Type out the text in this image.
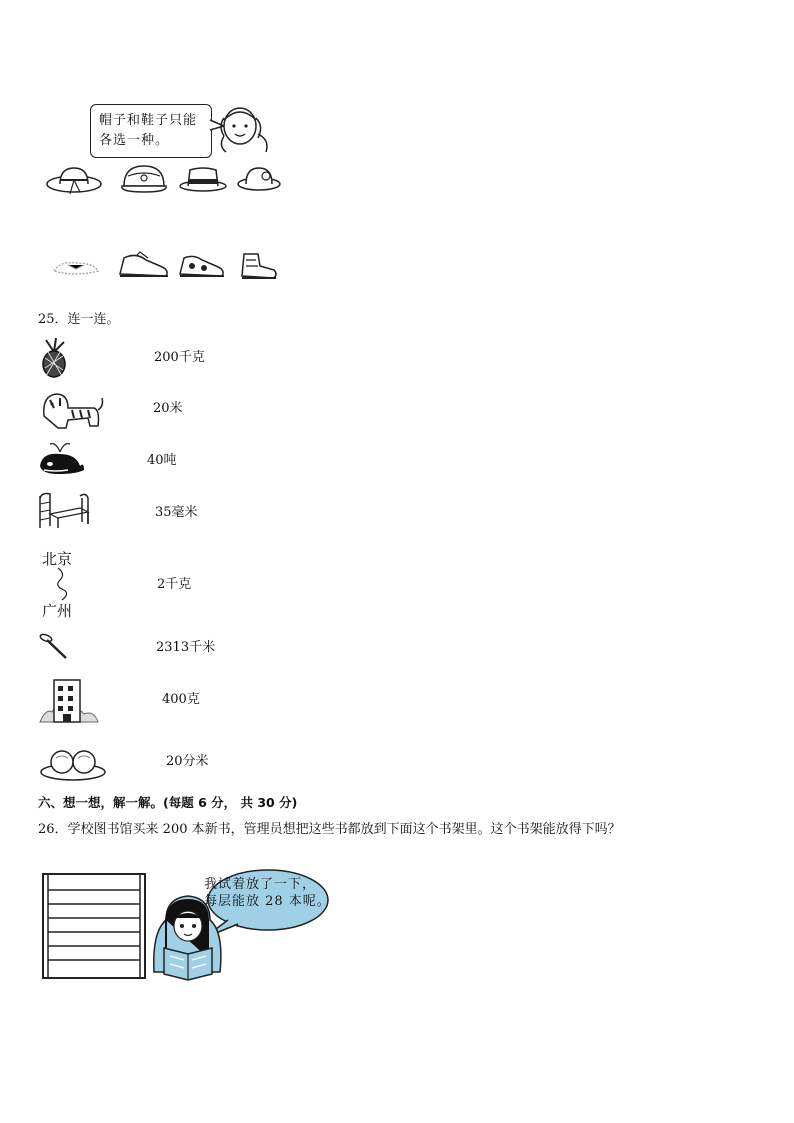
帽子和鞋子只能
各选一种。
25．连一连。
北京
广州
200千克
20米
40吨
35毫米
2千克
2313千米
400克
20分米
六、想一想，解一解。(每题 6 分， 共 30 分)
26．学校图书馆买来 200 本新书，管理员想把这些书都放到下面这个书架里。这个书架能放得下吗？
我试着放了一下，
每层能放 28 本呢。
